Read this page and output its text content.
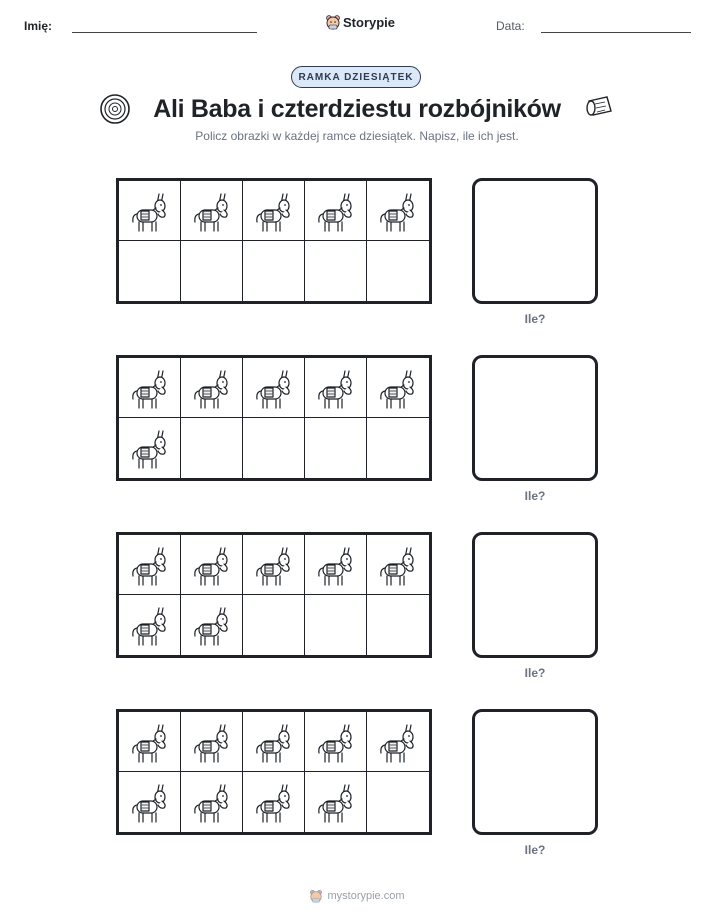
Imię:	Storypie	Data:
RAMKA DZIESIĄTEK
Ali Baba i czterdziestu rozbójników
Policz obrazki w każdej ramce dziesiątek. Napisz, ile ich jest.
Ile?
Ile?
Ile?
Ile?
mystorypie.com
